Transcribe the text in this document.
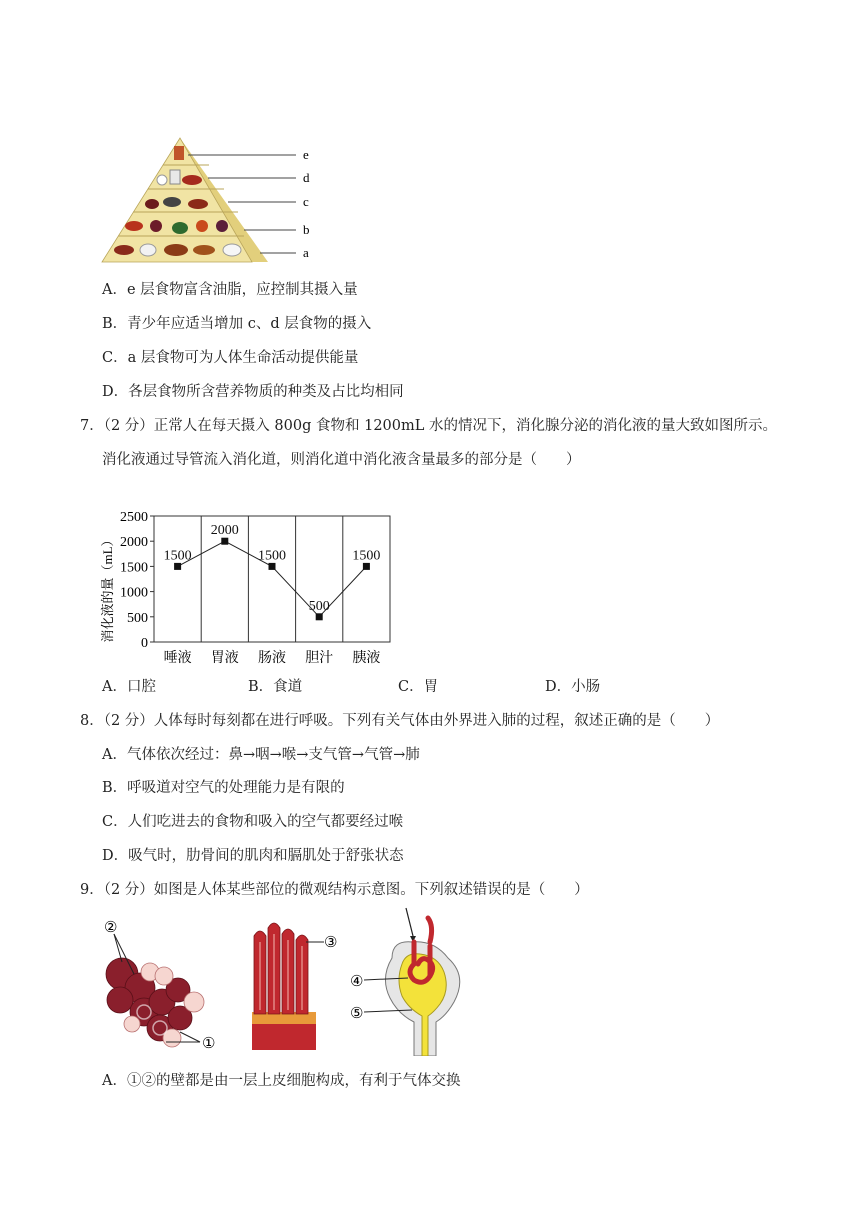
e
d
c
b
a
A．e 层食物富含油脂，应控制其摄入量
B．青少年应适当增加 c、d 层食物的摄入
C．a 层食物可为人体生命活动提供能量
D．各层食物所含营养物质的种类及占比均相同
7．（2 分）正常人在每天摄入 800g 食物和 1200mL 水的情况下，消化腺分泌的消化液的量大致如图所示。
消化液通过导管流入消化道，则消化道中消化液含量最多的部分是（　　）
消化液的量（mL）
0
500
1000
1500
2000
2500
唾液 胃液 肠液 胆汁 胰液
1500
2000
1500
500
1500
A．口腔	B．食道	C．胃	D．小肠
8．（2 分）人体每时每刻都在进行呼吸。下列有关气体由外界进入肺的过程，叙述正确的是（　　）
A．气体依次经过：鼻→咽→喉→支气管→气管→肺
B．呼吸道对空气的处理能力是有限的
C．人们吃进去的食物和吸入的空气都要经过喉
D．吸气时，肋骨间的肌肉和膈肌处于舒张状态
9．（2 分）如图是人体某些部位的微观结构示意图。下列叙述错误的是（　　）
②
①
③
④
⑤
A．①②的壁都是由一层上皮细胞构成，有利于气体交换
